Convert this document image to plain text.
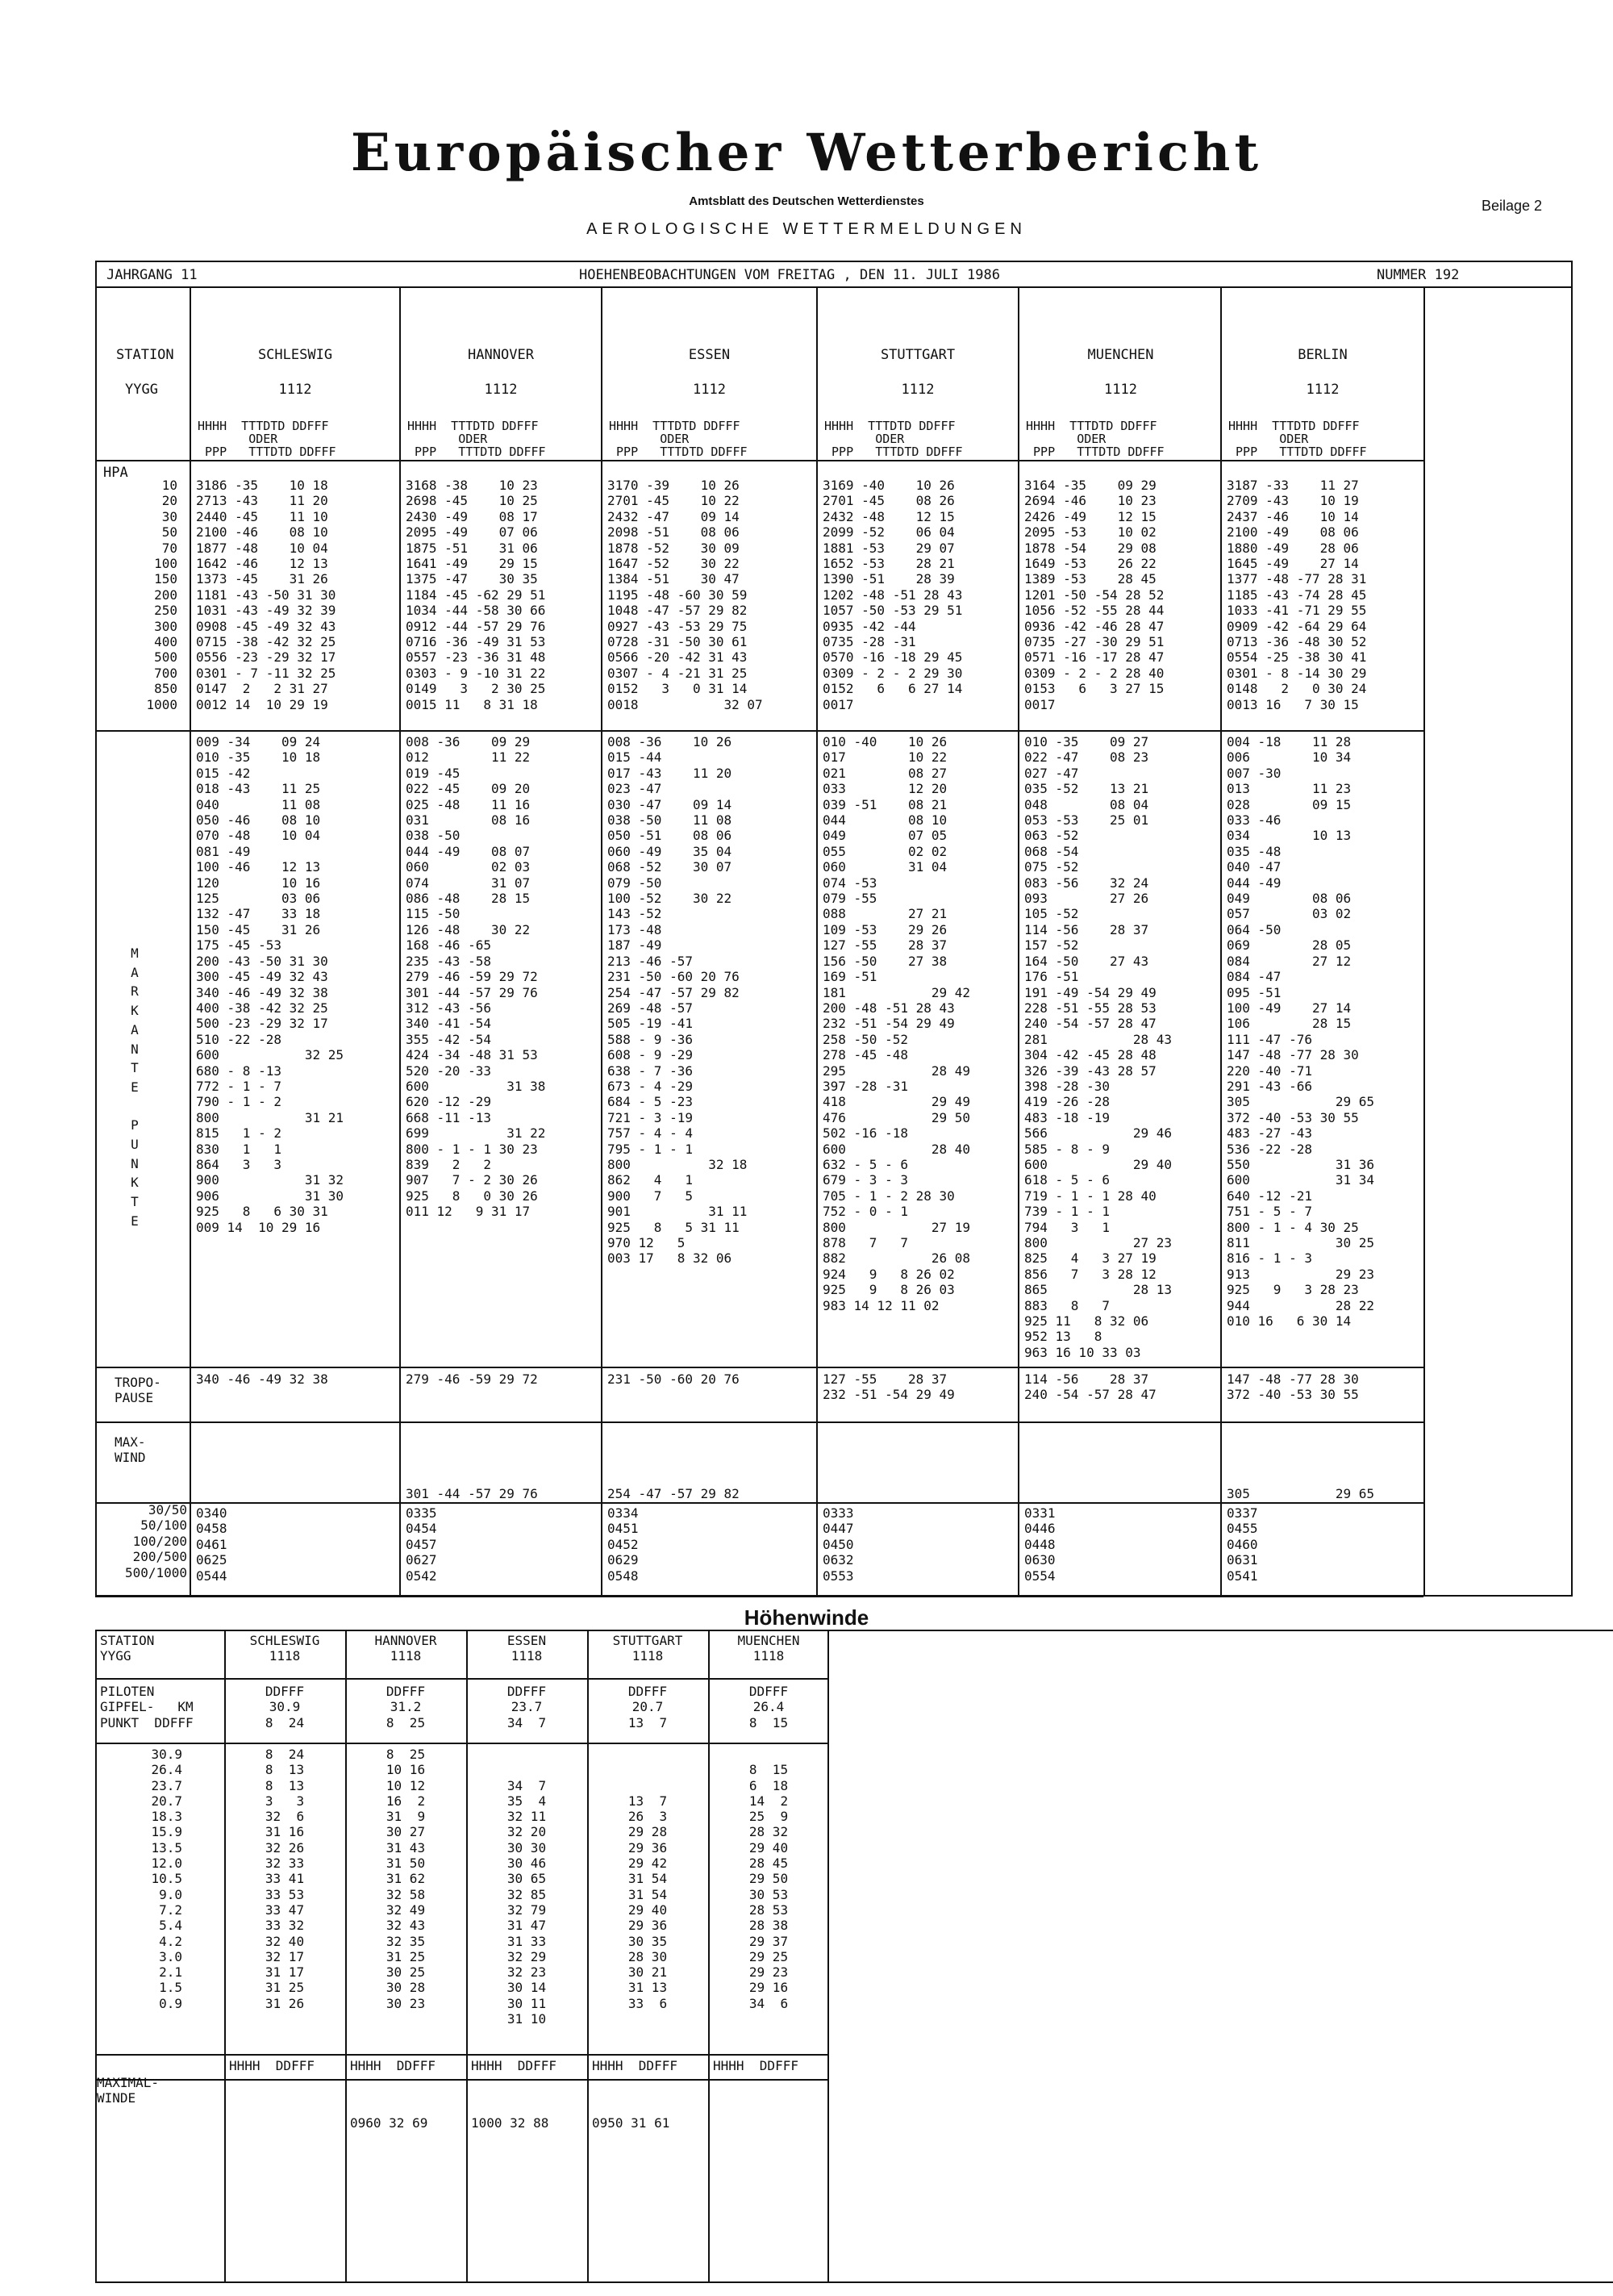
Europäischer Wetterbericht
Amtsblatt des Deutschen Wetterdienstes
AEROLOGISCHE WETTERMELDUNGEN
Beilage 2
JAHRGANG 11	HOEHENBEOBACHTUNGEN VOM FREITAG , DEN 11. JULI 1986	NUMMER 192
STATION
YYGG
HPA
10
20
30
50
70
100
150
200
250
300
400
500
700
850
1000
M
A
R
K
A
N
T
E

P
U
N
K
T
E
TROPO-
PAUSE
MAX-
WIND
30/50
50/100
100/200
200/500
500/1000
SCHLESWIG
1112
HHHH  TTTDTD DDFFF
ODER
PPP   TTTDTD DDFFF
3186 -35    10 18
2713 -43    11 20
2440 -45    11 10
2100 -46    08 10
1877 -48    10 04
1642 -46    12 13
1373 -45    31 26
1181 -43 -50 31 30
1031 -43 -49 32 39
0908 -45 -49 32 43
0715 -38 -42 32 25
0556 -23 -29 32 17
0301 - 7 -11 32 25
0147  2   2 31 27
0012 14  10 29 19
009 -34    09 24
010 -35    10 18
015 -42
018 -43    11 25
040        11 08
050 -46    08 10
070 -48    10 04
081 -49
100 -46    12 13
120        10 16
125        03 06
132 -47    33 18
150 -45    31 26
175 -45 -53
200 -43 -50 31 30
300 -45 -49 32 43
340 -46 -49 32 38
400 -38 -42 32 25
500 -23 -29 32 17
510 -22 -28
600           32 25
680 - 8 -13
772 - 1 - 7
790 - 1 - 2
800           31 21
815   1 - 2
830   1   1
864   3   3
900           31 32
906           31 30
925   8   6 30 31
009 14  10 29 16
340 -46 -49 32 38
0340
0458
0461
0625
0544
HANNOVER
1112
HHHH  TTTDTD DDFFF
ODER
PPP   TTTDTD DDFFF
3168 -38    10 23
2698 -45    10 25
2430 -49    08 17
2095 -49    07 06
1875 -51    31 06
1641 -49    29 15
1375 -47    30 35
1184 -45 -62 29 51
1034 -44 -58 30 66
0912 -44 -57 29 76
0716 -36 -49 31 53
0557 -23 -36 31 48
0303 - 9 -10 31 22
0149   3   2 30 25
0015 11   8 31 18
008 -36    09 29
012        11 22
019 -45
022 -45    09 20
025 -48    11 16
031        08 16
038 -50
044 -49    08 07
060        02 03
074        31 07
086 -48    28 15
115 -50
126 -48    30 22
168 -46 -65
235 -43 -58
279 -46 -59 29 72
301 -44 -57 29 76
312 -43 -56
340 -41 -54
355 -42 -54
424 -34 -48 31 53
520 -20 -33
600          31 38
620 -12 -29
668 -11 -13
699          31 22
800 - 1 - 1 30 23
839   2   2
907   7 - 2 30 26
925   8   0 30 26
011 12   9 31 17
279 -46 -59 29 72
301 -44 -57 29 76
0335
0454
0457
0627
0542
ESSEN
1112
HHHH  TTTDTD DDFFF
ODER
PPP   TTTDTD DDFFF
3170 -39    10 26
2701 -45    10 22
2432 -47    09 14
2098 -51    08 06
1878 -52    30 09
1647 -52    30 22
1384 -51    30 47
1195 -48 -60 30 59
1048 -47 -57 29 82
0927 -43 -53 29 75
0728 -31 -50 30 61
0566 -20 -42 31 43
0307 - 4 -21 31 25
0152   3   0 31 14
0018           32 07
008 -36    10 26
015 -44
017 -43    11 20
023 -47
030 -47    09 14
038 -50    11 08
050 -51    08 06
060 -49    35 04
068 -52    30 07
079 -50
100 -52    30 22
143 -52
173 -48
187 -49
213 -46 -57
231 -50 -60 20 76
254 -47 -57 29 82
269 -48 -57
505 -19 -41
588 - 9 -36
608 - 9 -29
638 - 7 -36
673 - 4 -29
684 - 5 -23
721 - 3 -19
757 - 4 - 4
795 - 1 - 1
800          32 18
862   4   1
900   7   5
901          31 11
925   8   5 31 11
970 12   5
003 17   8 32 06
231 -50 -60 20 76
254 -47 -57 29 82
0334
0451
0452
0629
0548
STUTTGART
1112
HHHH  TTTDTD DDFFF
ODER
PPP   TTTDTD DDFFF
3169 -40    10 26
2701 -45    08 26
2432 -48    12 15
2099 -52    06 04
1881 -53    29 07
1652 -53    28 21
1390 -51    28 39
1202 -48 -51 28 43
1057 -50 -53 29 51
0935 -42 -44
0735 -28 -31
0570 -16 -18 29 45
0309 - 2 - 2 29 30
0152   6   6 27 14
0017
010 -40    10 26
017        10 22
021        08 27
033        12 20
039 -51    08 21
044        08 10
049        07 05
055        02 02
060        31 04
074 -53
079 -55
088        27 21
109 -53    29 26
127 -55    28 37
156 -50    27 38
169 -51
181           29 42
200 -48 -51 28 43
232 -51 -54 29 49
258 -50 -52
278 -45 -48
295           28 49
397 -28 -31
418           29 49
476           29 50
502 -16 -18
600           28 40
632 - 5 - 6
679 - 3 - 3
705 - 1 - 2 28 30
752 - 0 - 1
800           27 19
878   7   7
882           26 08
924   9   8 26 02
925   9   8 26 03
983 14 12 11 02
127 -55    28 37
232 -51 -54 29 49
0333
0447
0450
0632
0553
MUENCHEN
1112
HHHH  TTTDTD DDFFF
ODER
PPP   TTTDTD DDFFF
3164 -35    09 29
2694 -46    10 23
2426 -49    12 15
2095 -53    10 02
1878 -54    29 08
1649 -53    26 22
1389 -53    28 45
1201 -50 -54 28 52
1056 -52 -55 28 44
0936 -42 -46 28 47
0735 -27 -30 29 51
0571 -16 -17 28 47
0309 - 2 - 2 28 40
0153   6   3 27 15
0017
010 -35    09 27
022 -47    08 23
027 -47
035 -52    13 21
048        08 04
053 -53    25 01
063 -52
068 -54
075 -52
083 -56    32 24
093        27 26
105 -52
114 -56    28 37
157 -52
164 -50    27 43
176 -51
191 -49 -54 29 49
228 -51 -55 28 53
240 -54 -57 28 47
281           28 43
304 -42 -45 28 48
326 -39 -43 28 57
398 -28 -30
419 -26 -28
483 -18 -19
566           29 46
585 - 8 - 9
600           29 40
618 - 5 - 6
719 - 1 - 1 28 40
739 - 1 - 1
794   3   1
800           27 23
825   4   3 27 19
856   7   3 28 12
865           28 13
883   8   7
925 11   8 32 06
952 13   8
963 16 10 33 03
114 -56    28 37
240 -54 -57 28 47
0331
0446
0448
0630
0554
BERLIN
1112
HHHH  TTTDTD DDFFF
ODER
PPP   TTTDTD DDFFF
3187 -33    11 27
2709 -43    10 19
2437 -46    10 14
2100 -49    08 06
1880 -49    28 06
1645 -49    27 14
1377 -48 -77 28 31
1185 -43 -74 28 45
1033 -41 -71 29 55
0909 -42 -64 29 64
0713 -36 -48 30 52
0554 -25 -38 30 41
0301 - 8 -14 30 29
0148   2   0 30 24
0013 16   7 30 15
004 -18    11 28
006        10 34
007 -30
013        11 23
028        09 15
033 -46
034        10 13
035 -48
040 -47
044 -49
049        08 06
057        03 02
064 -50
069        28 05
084        27 12
084 -47
095 -51
100 -49    27 14
106        28 15
111 -47 -76
147 -48 -77 28 30
220 -40 -71
291 -43 -66
305           29 65
372 -40 -53 30 55
483 -27 -43
536 -22 -28
550           31 36
600           31 34
640 -12 -21
751 - 5 - 7
800 - 1 - 4 30 25
811           30 25
816 - 1 - 3
913           29 23
925   9   3 28 23
944           28 22
010 16   6 30 14
147 -48 -77 28 30
372 -40 -53 30 55
305           29 65
0337
0455
0460
0631
0541
Höhenwinde
STATION
YYGG
PILOTEN
GIPFEL-   KM
PUNKT  DDFFF
30.9
26.4
23.7
20.7
18.3
15.9
13.5
12.0
10.5
9.0
7.2
5.4
4.2
3.0
2.1
1.5
0.9
MAXIMAL-
WINDE
SCHLESWIG
1118
DDFFF
30.9
8  24
8  24
8  13
8  13
3   3
32  6
31 16
32 26
32 33
33 41
33 53
33 47
33 32
32 40
32 17
31 17
31 25
31 26
HHHH  DDFFF
HANNOVER
1118
DDFFF
31.2
8  25
8  25
10 16
10 12
16  2
31  9
30 27
31 43
31 50
31 62
32 58
32 49
32 43
32 35
31 25
30 25
30 28
30 23
HHHH  DDFFF
0960 32 69
ESSEN
1118
DDFFF
23.7
34  7

34  7
35  4
32 11
32 20
30 30
30 46
30 65
32 85
32 79
31 47
31 33
32 29
32 23
30 14
30 11
31 10
HHHH  DDFFF
1000 32 88
STUTTGART
1118
DDFFF
20.7
13  7

13  7
26  3
29 28
29 36
29 42
31 54
31 54
29 40
29 36
30 35
28 30
30 21
31 13
33  6
HHHH  DDFFF
0950 31 61
MUENCHEN
1118
DDFFF
26.4
8  15

8  15
6  18
14  2
25  9
28 32
29 40
28 45
29 50
30 53
28 53
28 38
29 37
29 25
29 23
29 16
34  6
HHHH  DDFFF
